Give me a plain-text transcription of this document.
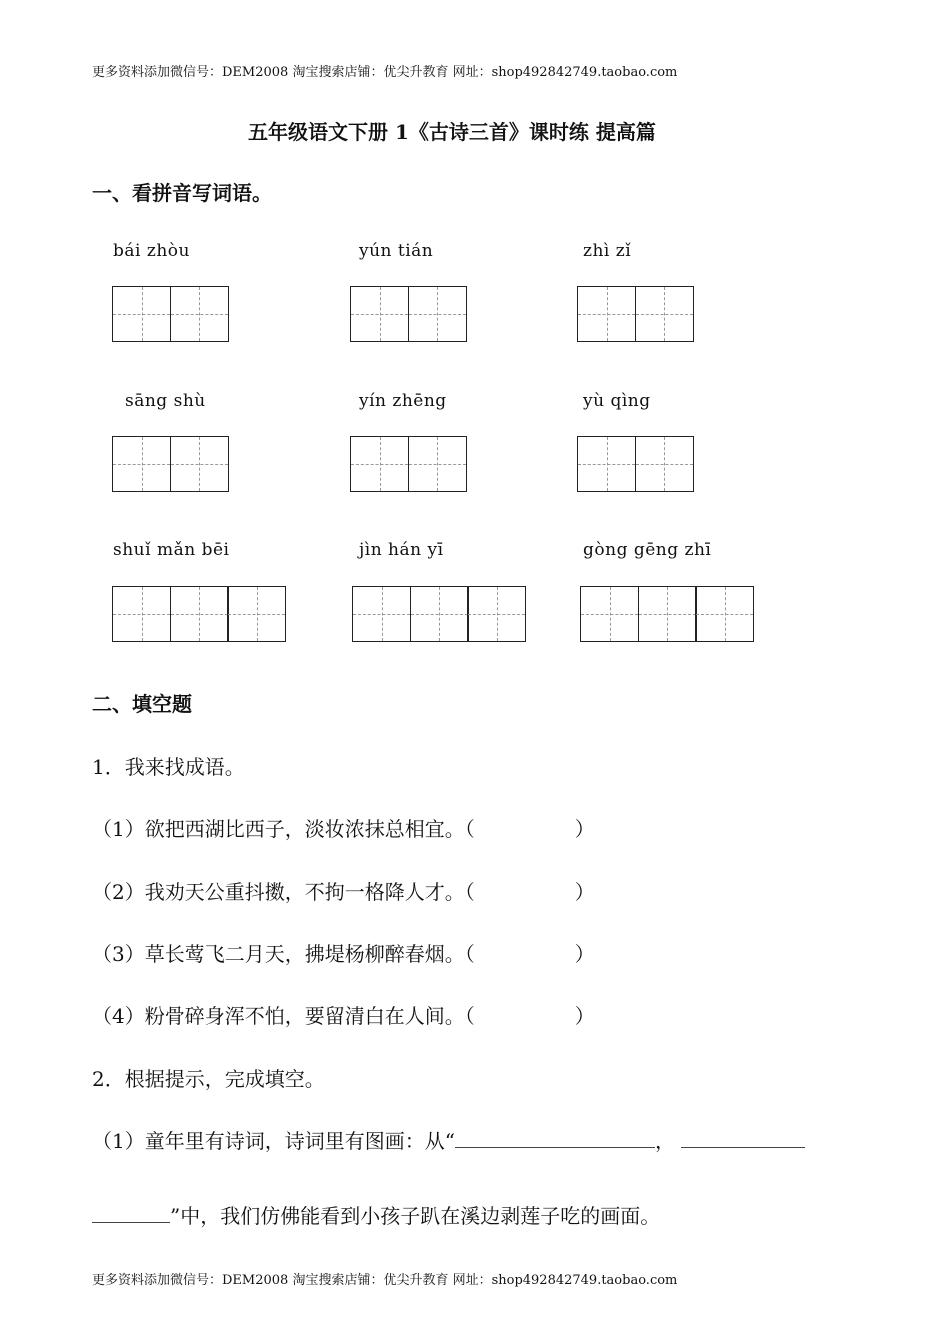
更多资料添加微信号：DEM2008 淘宝搜索店铺：优尖升教育 网址：shop492842749.taobao.com
五年级语文下册 1《古诗三首》课时练 提高篇
一、看拼音写词语。
bái zhòu	yún tián	zhì zǐ
sāng shù	yín zhēng	yù qìng
shuǐ mǎn bēi	jìn hán yī	gòng gēng zhī
二、填空题
1．我来找成语。
（1）欲把西湖比西子，淡妆浓抹总相宜。（	）
（2）我劝天公重抖擞，不拘一格降人才。（	）
（3）草长莺飞二月天，拂堤杨柳醉春烟。（	）
（4）粉骨碎身浑不怕，要留清白在人间。（	）
2．根据提示，完成填空。
（1）童年里有诗词，诗词里有图画：从“	，
”中，我们仿佛能看到小孩子趴在溪边剥莲子吃的画面。
更多资料添加微信号：DEM2008 淘宝搜索店铺：优尖升教育 网址：shop492842749.taobao.com
